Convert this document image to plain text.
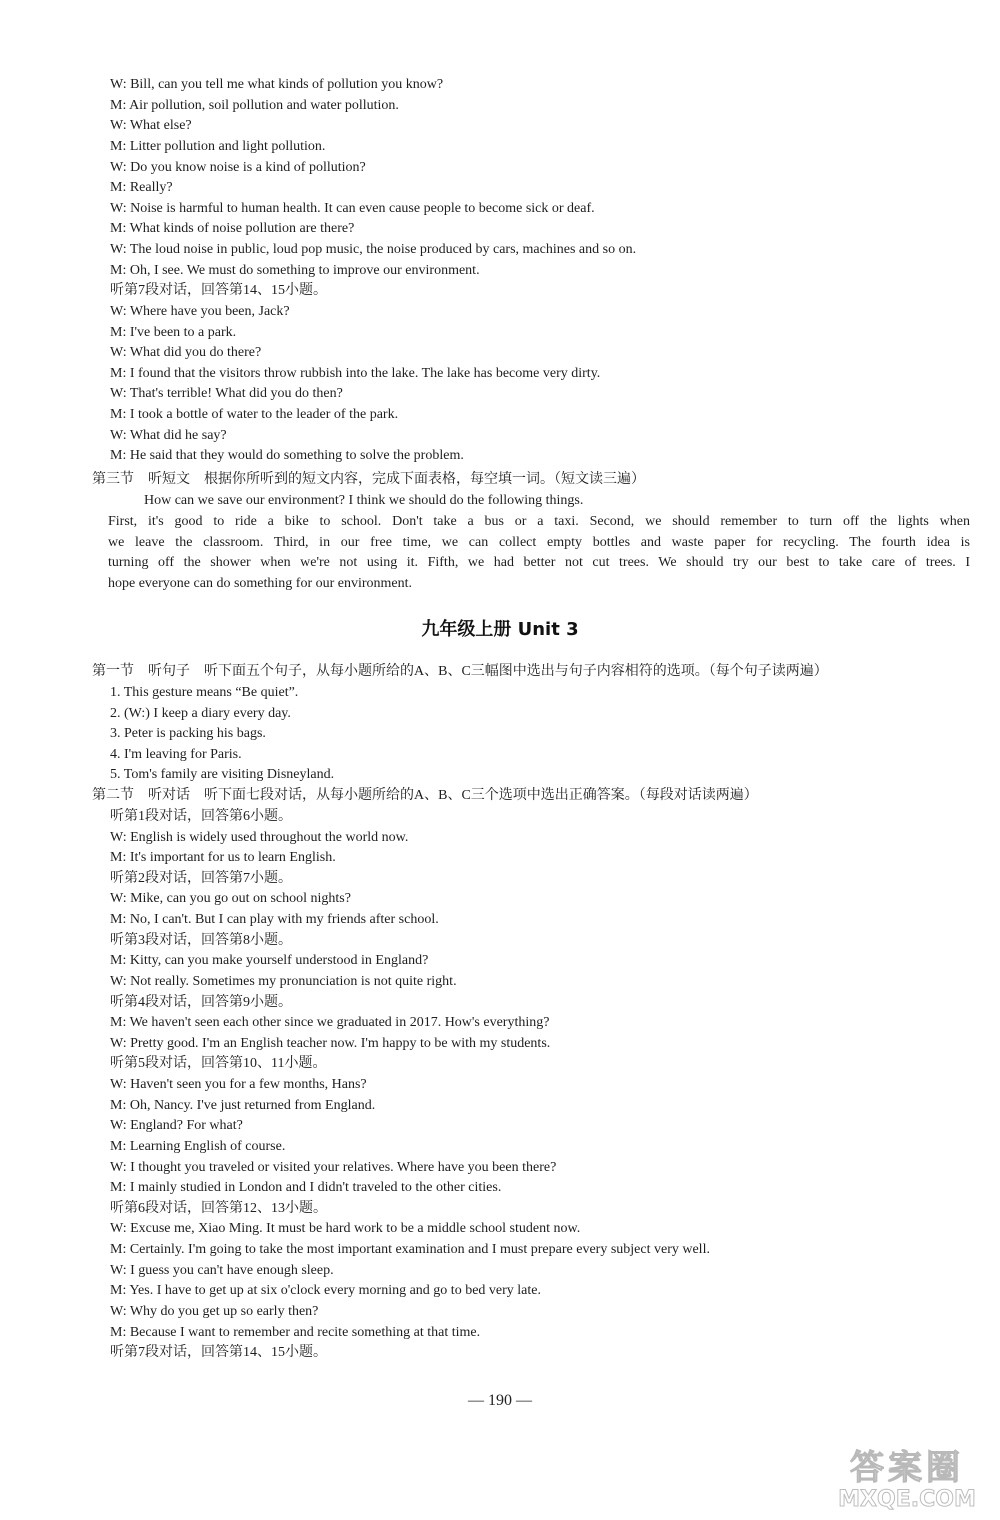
W: Bill, can you tell me what kinds of pollution you know?
M: Air pollution, soil pollution and water pollution.
W: What else?
M: Litter pollution and light pollution.
W: Do you know noise is a kind of pollution?
M: Really?
W: Noise is harmful to human health. It can even cause people to become sick or deaf.
M: What kinds of noise pollution are there?
W: The loud noise in public, loud pop music, the noise produced by cars, machines and so on.
M: Oh, I see. We must do something to improve our environment.
听第7段对话，回答第14、15小题。
W: Where have you been, Jack?
M: I've been to a park.
W: What did you do there?
M: I found that the visitors throw rubbish into the lake. The lake has become very dirty.
W: That's terrible! What did you do then?
M: I took a bottle of water to the leader of the park.
W: What did he say?
M: He said that they would do something to solve the problem.
第三节　听短文　根据你所听到的短文内容，完成下面表格，每空填一词。（短文读三遍）
How can we save our environment? I think we should do the following things.
First, it's good to ride a bike to school. Don't take a bus or a taxi. Second, we should remember to turn off the lights when
we leave the classroom. Third, in our free time, we can collect empty bottles and waste paper for recycling. The fourth idea is
turning off the shower when we're not using it. Fifth, we had better not cut trees. We should try our best to take care of trees. I
hope everyone can do something for our environment.
九年级上册 Unit 3
第一节　听句子　听下面五个句子，从每小题所给的A、B、C三幅图中选出与句子内容相符的选项。（每个句子读两遍）
1. This gesture means “Be quiet”.
2. (W:) I keep a diary every day.
3. Peter is packing his bags.
4. I'm leaving for Paris.
5. Tom's family are visiting Disneyland.
第二节　听对话　听下面七段对话，从每小题所给的A、B、C三个选项中选出正确答案。（每段对话读两遍）
听第1段对话，回答第6小题。
W: English is widely used throughout the world now.
M: It's important for us to learn English.
听第2段对话，回答第7小题。
W: Mike, can you go out on school nights?
M: No, I can't. But I can play with my friends after school.
听第3段对话，回答第8小题。
M: Kitty, can you make yourself understood in England?
W: Not really. Sometimes my pronunciation is not quite right.
听第4段对话，回答第9小题。
M: We haven't seen each other since we graduated in 2017. How's everything?
W: Pretty good. I'm an English teacher now. I'm happy to be with my students.
听第5段对话，回答第10、11小题。
W: Haven't seen you for a few months, Hans?
M: Oh, Nancy. I've just returned from England.
W: England? For what?
M: Learning English of course.
W: I thought you traveled or visited your relatives. Where have you been there?
M: I mainly studied in London and I didn't traveled to the other cities.
听第6段对话，回答第12、13小题。
W: Excuse me, Xiao Ming. It must be hard work to be a middle school student now.
M: Certainly. I'm going to take the most important examination and I must prepare every subject very well.
W: I guess you can't have enough sleep.
M: Yes. I have to get up at six o'clock every morning and go to bed very late.
W: Why do you get up so early then?
M: Because I want to remember and recite something at that time.
听第7段对话，回答第14、15小题。
— 190 —
答案圈
MXQE.COM
